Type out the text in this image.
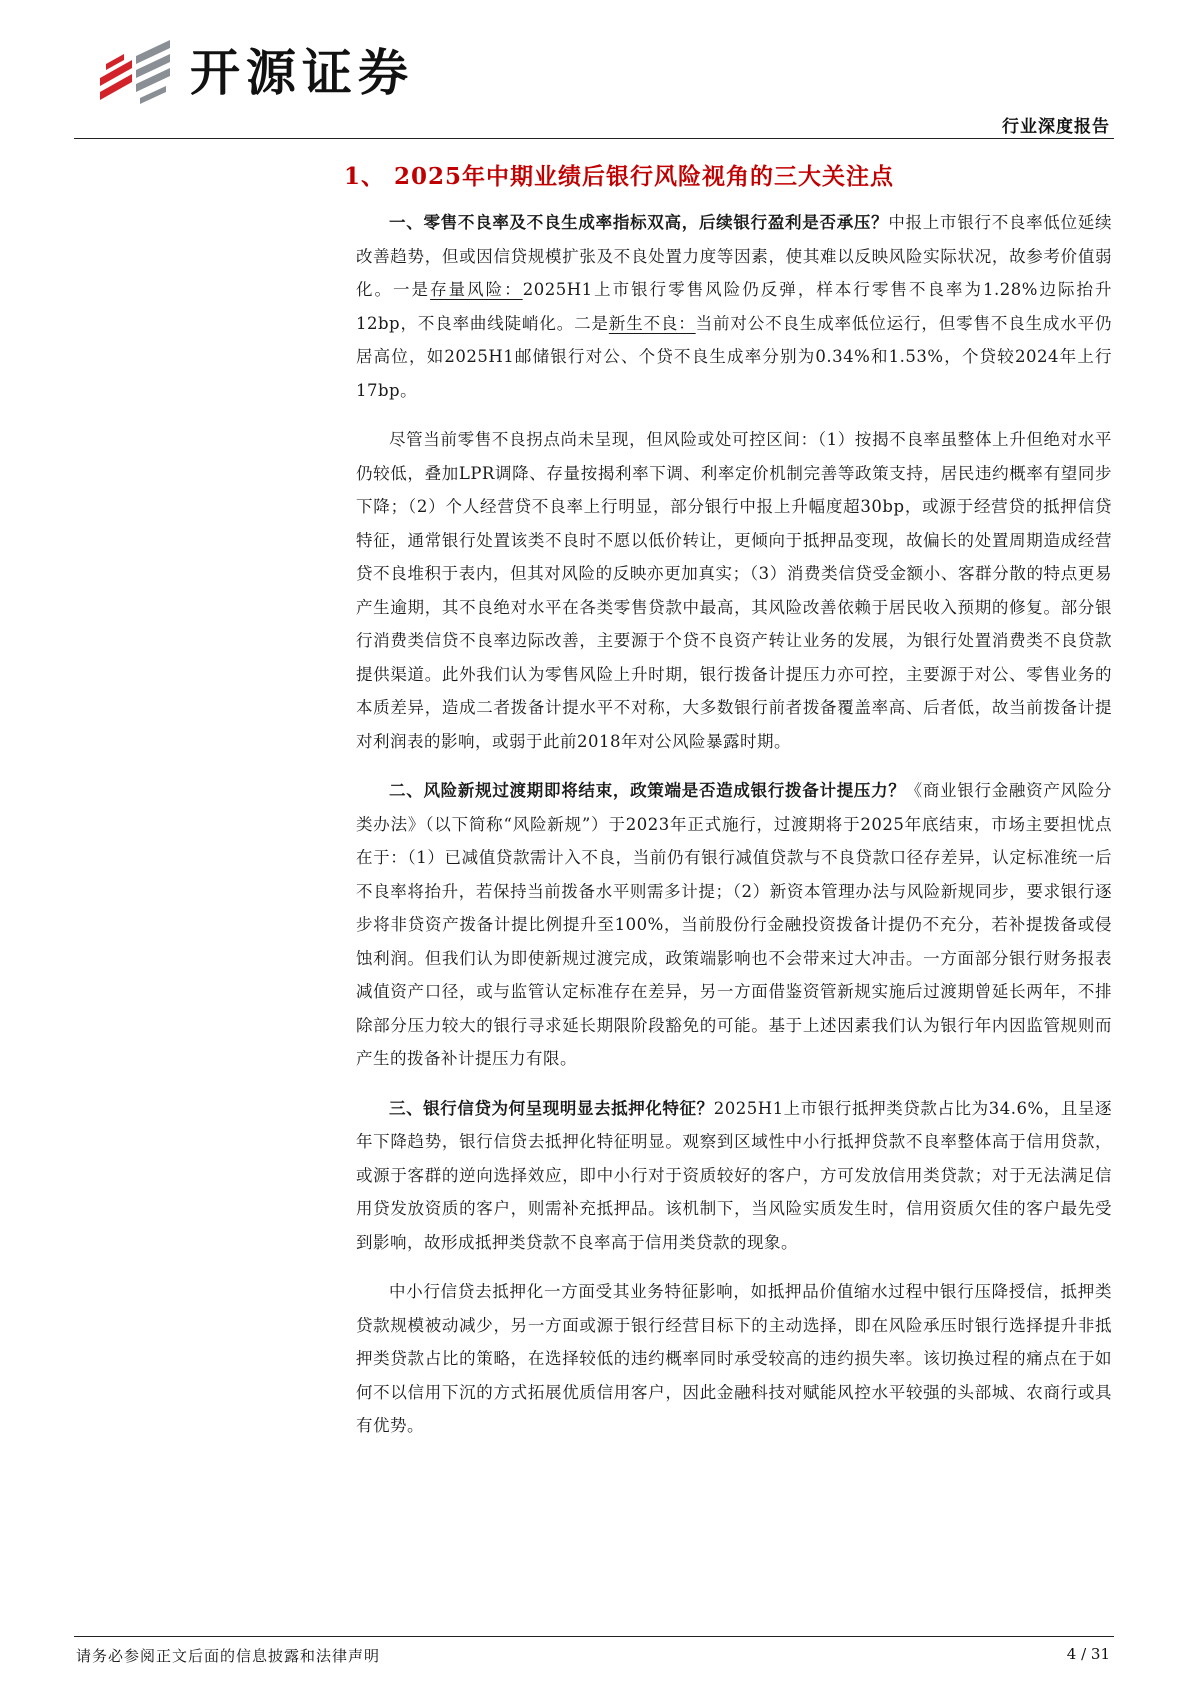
开源证券
行业深度报告
1、 2025年中期业绩后银行风险视角的三大关注点

一、零售不良率及不良生成率指标双高，后续银行盈利是否承压？中报上市银行不良率低位延续改善趋势，但或因信贷规模扩张及不良处置力度等因素，使其难以反映风险实际状况，故参考价值弱化。一是存量风险：2025H1上市银行零售风险仍反弹，样本行零售不良率为1.28%边际抬升12bp，不良率曲线陡峭化。二是新生不良：当前对公不良生成率低位运行，但零售不良生成水平仍居高位，如2025H1邮储银行对公、个贷不良生成率分别为0.34%和1.53%，个贷较2024年上行17bp。

尽管当前零售不良拐点尚未呈现，但风险或处可控区间：（1）按揭不良率虽整体上升但绝对水平仍较低，叠加LPR调降、存量按揭利率下调、利率定价机制完善等政策支持，居民违约概率有望同步下降；（2）个人经营贷不良率上行明显，部分银行中报上升幅度超30bp，或源于经营贷的抵押信贷特征，通常银行处置该类不良时不愿以低价转让，更倾向于抵押品变现，故偏长的处置周期造成经营贷不良堆积于表内，但其对风险的反映亦更加真实；（3）消费类信贷受金额小、客群分散的特点更易产生逾期，其不良绝对水平在各类零售贷款中最高，其风险改善依赖于居民收入预期的修复。部分银行消费类信贷不良率边际改善，主要源于个贷不良资产转让业务的发展，为银行处置消费类不良贷款提供渠道。此外我们认为零售风险上升时期，银行拨备计提压力亦可控，主要源于对公、零售业务的本质差异，造成二者拨备计提水平不对称，大多数银行前者拨备覆盖率高、后者低，故当前拨备计提对利润表的影响，或弱于此前2018年对公风险暴露时期。

二、风险新规过渡期即将结束，政策端是否造成银行拨备计提压力？《商业银行金融资产风险分类办法》（以下简称“风险新规”）于2023年正式施行，过渡期将于2025年底结束，市场主要担忧点在于：（1）已减值贷款需计入不良，当前仍有银行减值贷款与不良贷款口径存差异，认定标准统一后不良率将抬升，若保持当前拨备水平则需多计提；（2）新资本管理办法与风险新规同步，要求银行逐步将非贷资产拨备计提比例提升至100%，当前股份行金融投资拨备计提仍不充分，若补提拨备或侵蚀利润。但我们认为即使新规过渡完成，政策端影响也不会带来过大冲击。一方面部分银行财务报表减值资产口径，或与监管认定标准存在差异，另一方面借鉴资管新规实施后过渡期曾延长两年，不排除部分压力较大的银行寻求延长期限阶段豁免的可能。基于上述因素我们认为银行年内因监管规则而产生的拨备补计提压力有限。

三、银行信贷为何呈现明显去抵押化特征？2025H1上市银行抵押类贷款占比为34.6%，且呈逐年下降趋势，银行信贷去抵押化特征明显。观察到区域性中小行抵押贷款不良率整体高于信用贷款，或源于客群的逆向选择效应，即中小行对于资质较好的客户，方可发放信用类贷款；对于无法满足信用贷发放资质的客户，则需补充抵押品。该机制下，当风险实质发生时，信用资质欠佳的客户最先受到影响，故形成抵押类贷款不良率高于信用类贷款的现象。

中小行信贷去抵押化一方面受其业务特征影响，如抵押品价值缩水过程中银行压降授信，抵押类贷款规模被动减少，另一方面或源于银行经营目标下的主动选择，即在风险承压时银行选择提升非抵押类贷款占比的策略，在选择较低的违约概率同时承受较高的违约损失率。该切换过程的痛点在于如何不以信用下沉的方式拓展优质信用客户，因此金融科技对赋能风控水平较强的头部城、农商行或具有优势。

请务必参阅正文后面的信息披露和法律声明	4 / 31
